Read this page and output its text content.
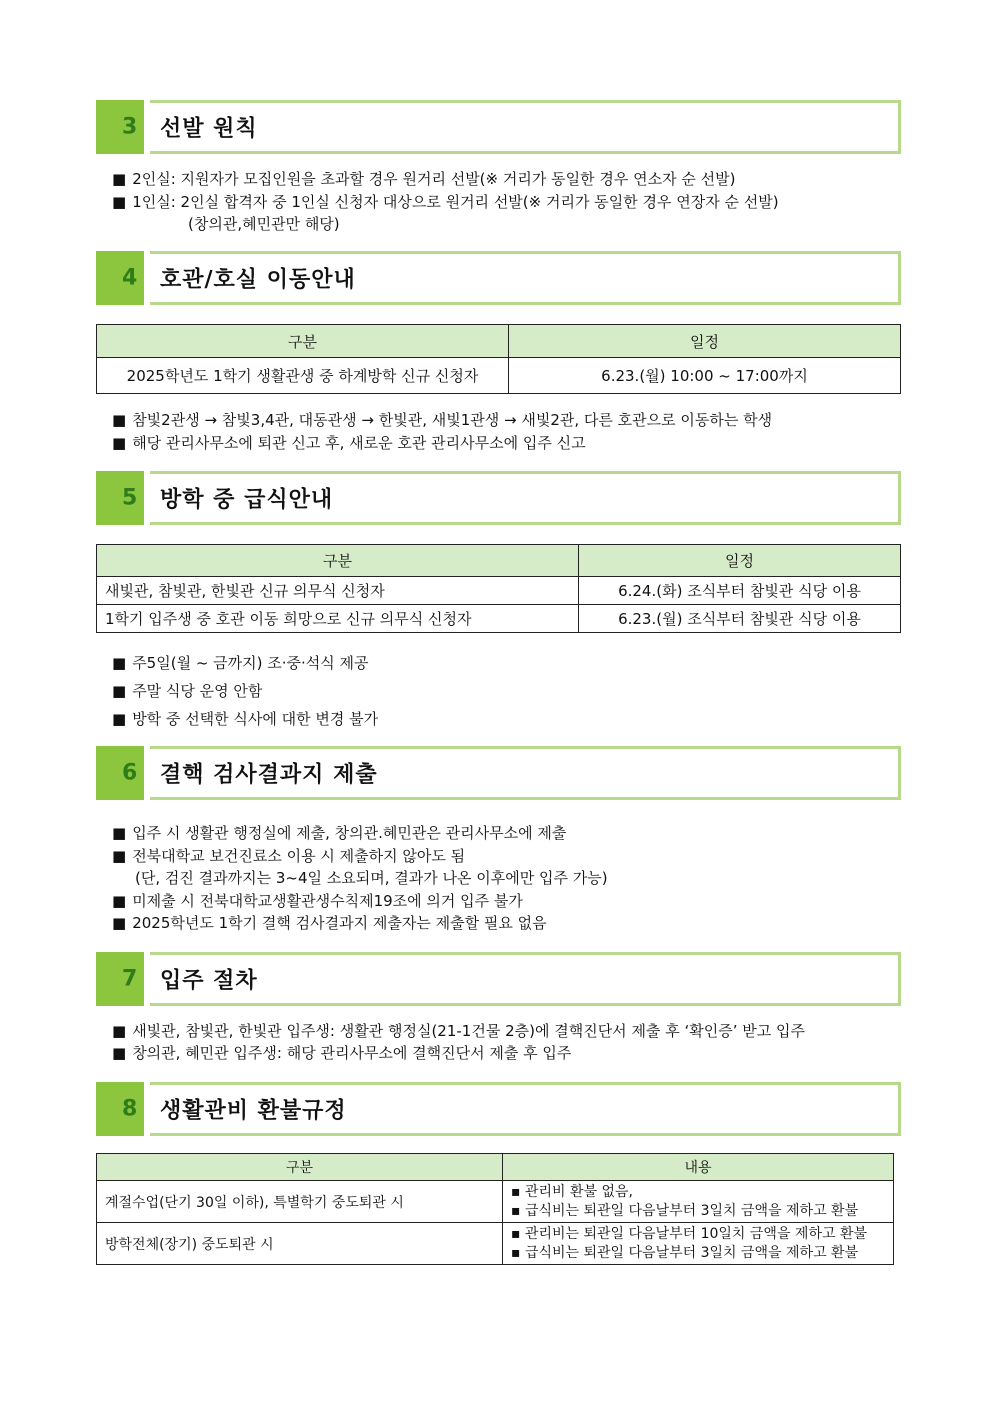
3 선발 원칙
■ 2인실: 지원자가 모집인원을 초과할 경우 원거리 선발(※ 거리가 동일한 경우 연소자 순 선발)
■ 1인실: 2인실 합격자 중 1인실 신청자 대상으로 원거리 선발(※ 거리가 동일한 경우 연장자 순 선발)
(창의관,혜민관만 해당)
4 호관/호실 이동안내
구분	일정
2025학년도 1학기 생활관생 중 하계방학 신규 신청자	6.23.(월) 10:00 ~ 17:00까지
■ 참빛2관생 → 참빛3,4관, 대동관생 → 한빛관, 새빛1관생 → 새빛2관, 다른 호관으로 이동하는 학생
■ 해당 관리사무소에 퇴관 신고 후, 새로운 호관 관리사무소에 입주 신고
5 방학 중 급식안내
구분	일정
새빛관, 참빛관, 한빛관 신규 의무식 신청자	6.24.(화) 조식부터 참빛관 식당 이용
1학기 입주생 중 호관 이동 희망으로 신규 의무식 신청자	6.23.(월) 조식부터 참빛관 식당 이용
■ 주5일(월 ~ 금까지) 조·중·석식 제공
■ 주말 식당 운영 안함
■ 방학 중 선택한 식사에 대한 변경 불가
6 결핵 검사결과지 제출
■ 입주 시 생활관 행정실에 제출, 창의관.혜민관은 관리사무소에 제출
■ 전북대학교 보건진료소 이용 시 제출하지 않아도 됨
(단, 검진 결과까지는 3~4일 소요되며, 결과가 나온 이후에만 입주 가능)
■ 미제출 시 전북대학교생활관생수칙제19조에 의거 입주 불가
■ 2025학년도 1학기 결핵 검사결과지 제출자는 제출할 필요 없음
7 입주 절차
■ 새빛관, 참빛관, 한빛관 입주생: 생활관 행정실(21-1건물 2층)에 결핵진단서 제출 후 ‘확인증’ 받고 입주
■ 창의관, 혜민관 입주생: 해당 관리사무소에 결핵진단서 제출 후 입주
8 생활관비 환불규정
구분	내용
계절수업(단기 30일 이하), 특별학기 중도퇴관 시	▪ 관리비 환불 없음,
▪ 급식비는 퇴관일 다음날부터 3일치 금액을 제하고 환불

방학전체(장기) 중도퇴관 시	▪ 관리비는 퇴관일 다음날부터 10일치 금액을 제하고 환불
▪ 급식비는 퇴관일 다음날부터 3일치 금액을 제하고 환불
